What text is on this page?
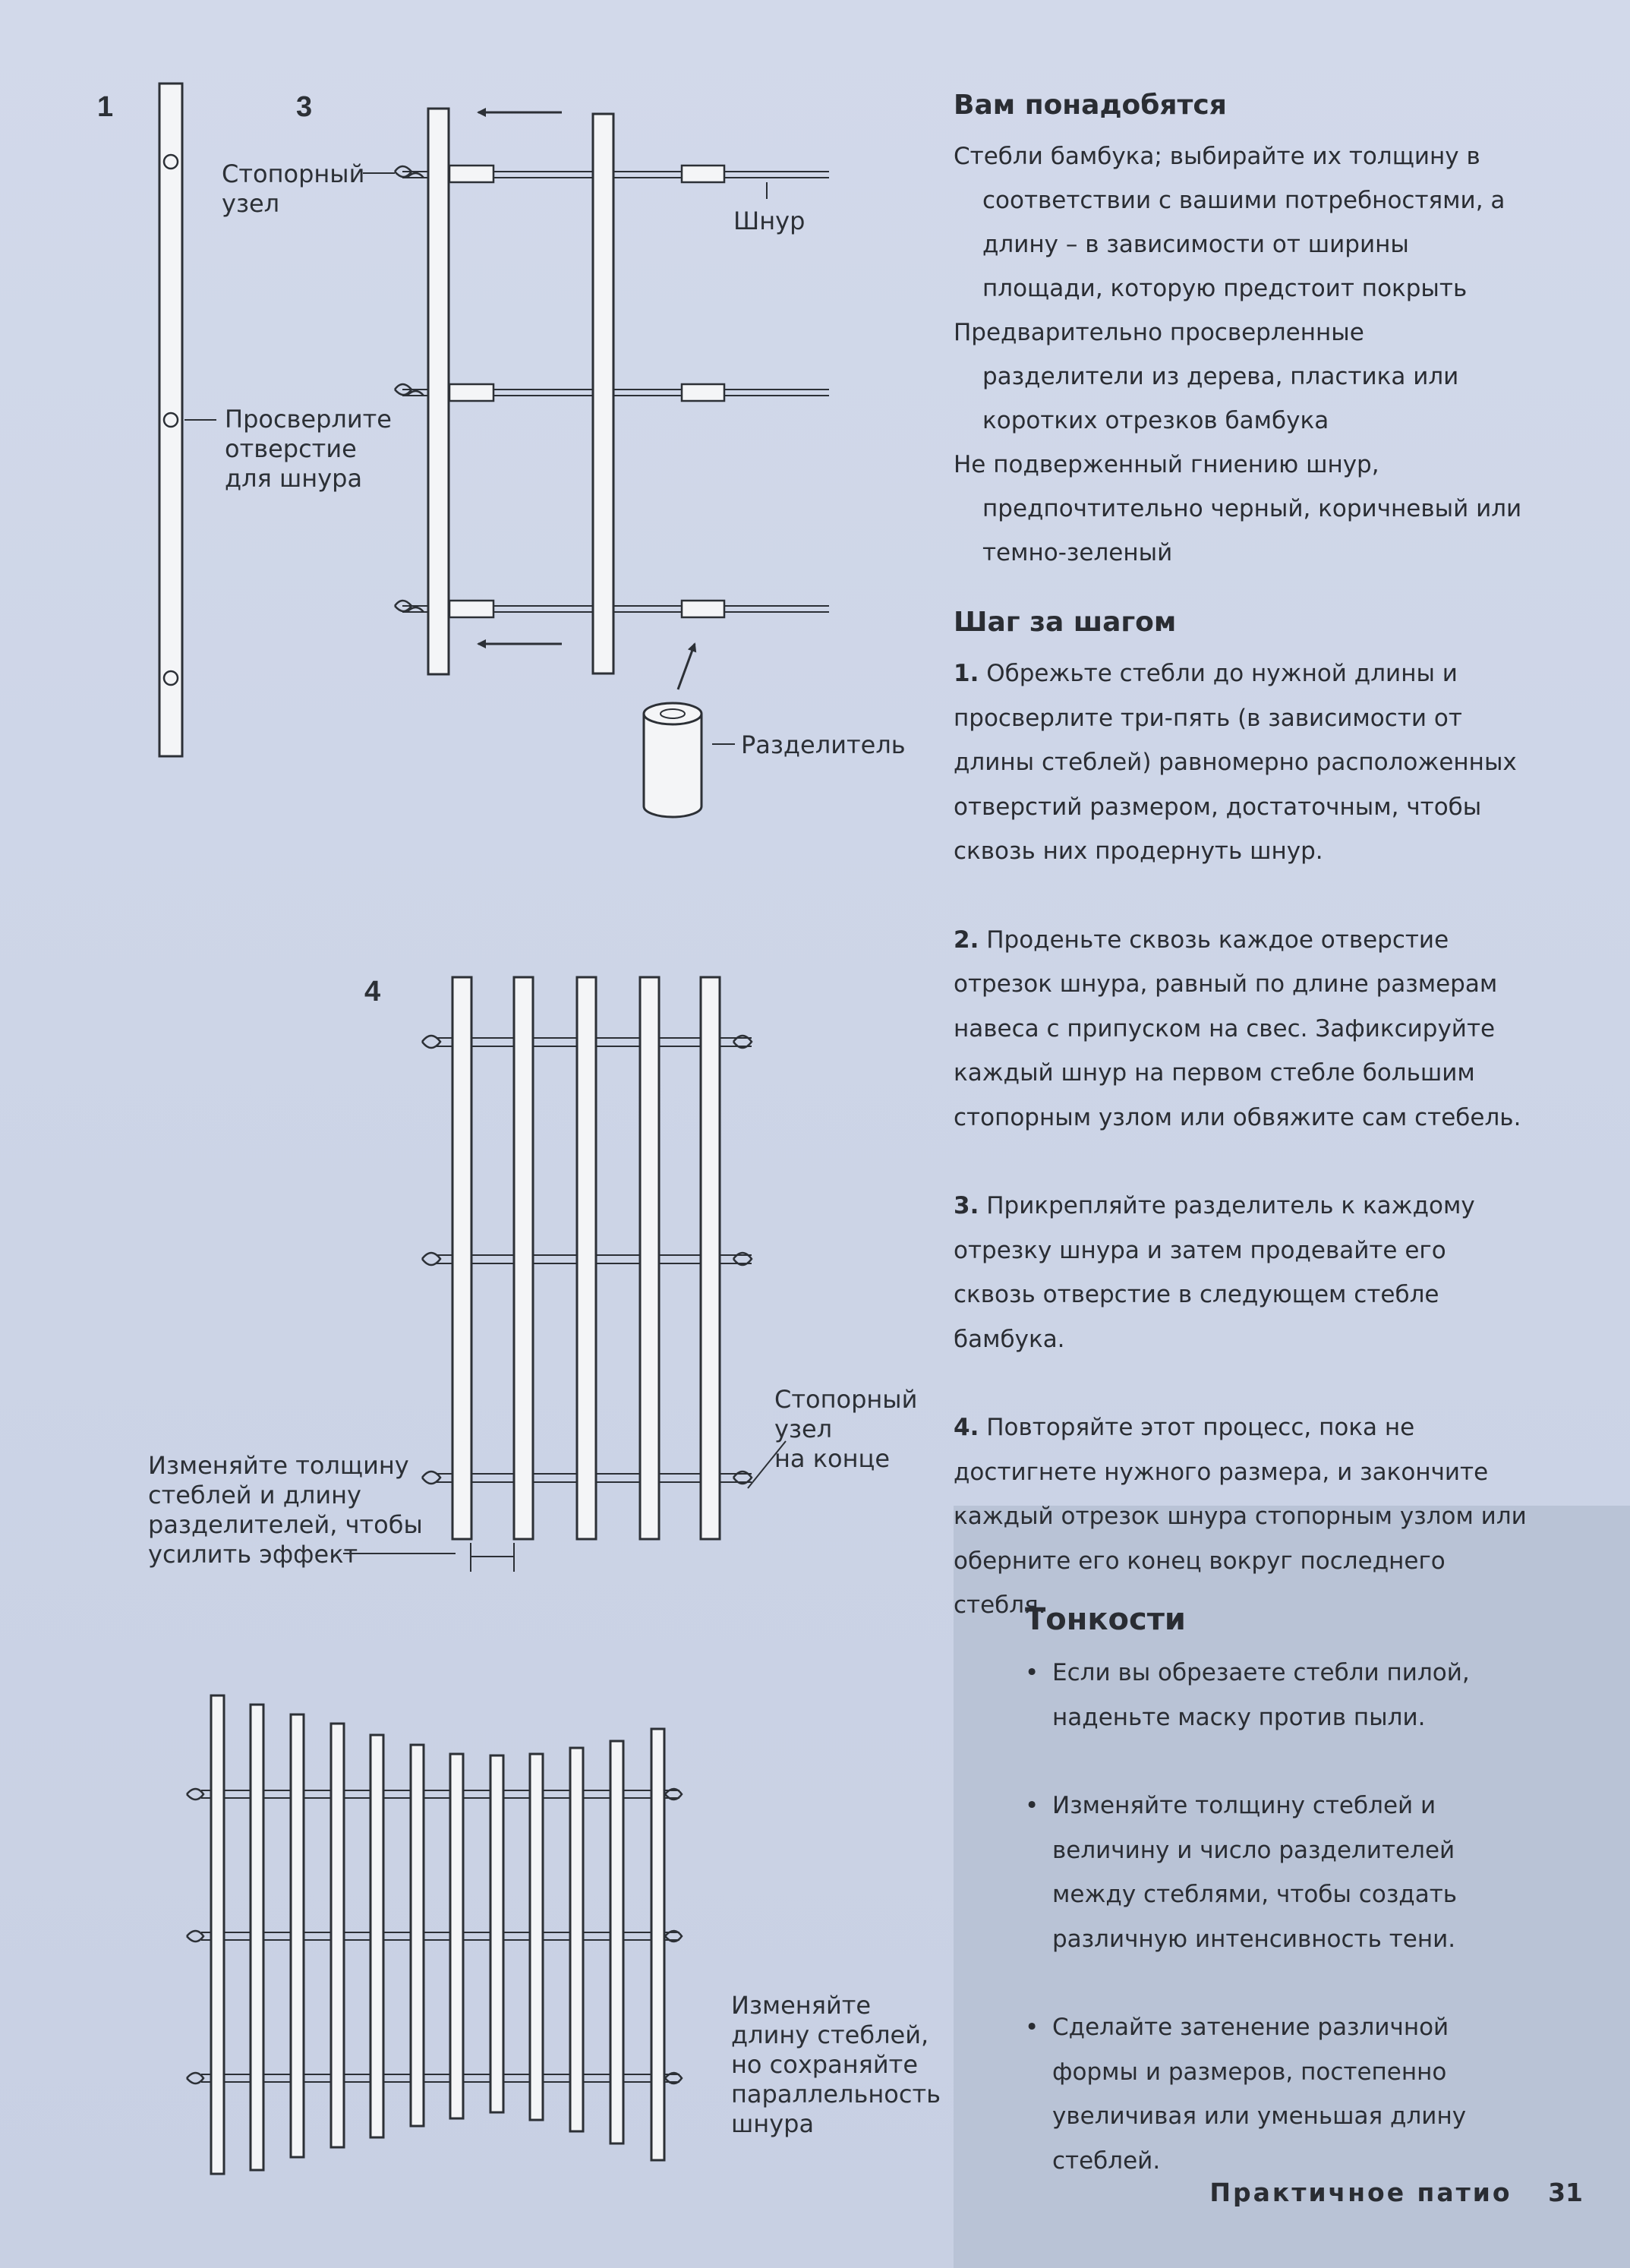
1
Просверлите
отверстие
для шнура
3
Стопорный
узел
Шнур
Разделитель
4
Стопорный
узел
на конце
Изменяйте толщину
стеблей и длину
разделителей, чтобы
усилить эффект
Изменяйте
длину стеблей,
но сохраняйте
параллельность
шнура
Вам понадобятся

Стебли бамбука; выбирайте их толщину в соответствии с вашими потребностями, а длину – в зависимости от ширины площади, которую предстоит покрыть

Предварительно просверленные разделители из дерева, пластика или коротких отрезков бамбука

Не подверженный гниению шнур, предпочтительно черный, коричневый или темно-зеленый

Шаг за шагом

1. Обрежьте стебли до нужной длины и просверлите три-пять (в зависимости от длины стеблей) равномерно расположенных отверстий размером, достаточным, чтобы сквозь них продернуть шнур.

2. Проденьте сквозь каждое отверстие отрезок шнура, равный по длине размерам навеса с припуском на свес. Зафиксируйте каждый шнур на первом стебле большим стопорным узлом или обвяжите сам стебель.

3. Прикрепляйте разделитель к каждому отрезку шнура и затем продевайте его сквозь отверстие в следующем стебле бамбука.

4. Повторяйте этот процесс, пока не достигнете нужного размера, и закончите каждый отрезок шнура стопорным узлом или оберните его конец вокруг последнего стебля.

Тонкости
• Если вы обрезаете стебли пилой, наденьте маску против пыли.
• Изменяйте толщину стеблей и величину и число разделителей между стеблями, чтобы создать различную интенсивность тени.
• Сделайте затенение различной формы и размеров, постепенно увеличивая или уменьшая длину стеблей.
Практичное патио 31
